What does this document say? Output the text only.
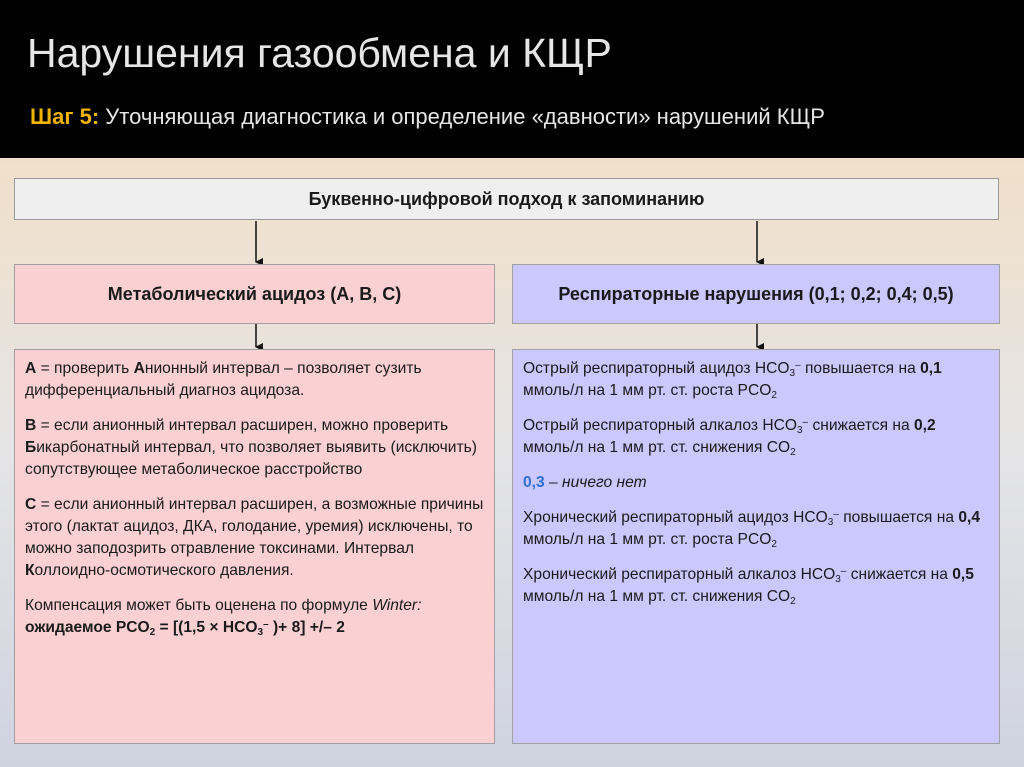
Нарушения газообмена и КЩР
Шаг 5: Уточняющая диагностика и определение «давности» нарушений КЩР
Буквенно-цифровой подход к запоминанию
Метаболический ацидоз (A, B, C)	Респираторные нарушения (0,1; 0,2; 0,4; 0,5)

A = проверить Анионный интервал – позволяет сузить дифференциальный диагноз ацидоза.

B = если анионный интервал расширен, можно проверить Бикарбонатный интервал, что позволяет выявить (исключить) сопутствующее метаболическое расстройство

C = если анионный интервал расширен, а возможные причины этого (лактат ацидоз, ДКА, голодание, уремия) исключены, то можно заподозрить отравление токсинами. Интервал Коллоидно-осмотического давления.

Компенсация может быть оценена по формуле Winter: ожидаемое $PCO_2 = [(1,5 \times HCO_3^-$ )+ 8] +/– 2

Острый респираторный ацидоз $HCO_3^-$ повышается на 0,1 ммоль/л на 1 мм рт. ст. роста $PCO_2$

Острый респираторный алкалоз $HCO_3^-$ снижается на 0,2 ммоль/л на 1 мм рт. ст. снижения $CO_2$

0,3 – ничего нет

Хронический респираторный ацидоз $HCO_3^-$ повышается на 0,4 ммоль/л на 1 мм рт. ст. роста $PCO_2$

Хронический респираторный алкалоз $HCO_3^-$ снижается на 0,5 ммоль/л на 1 мм рт. ст. снижения $CO_2$
